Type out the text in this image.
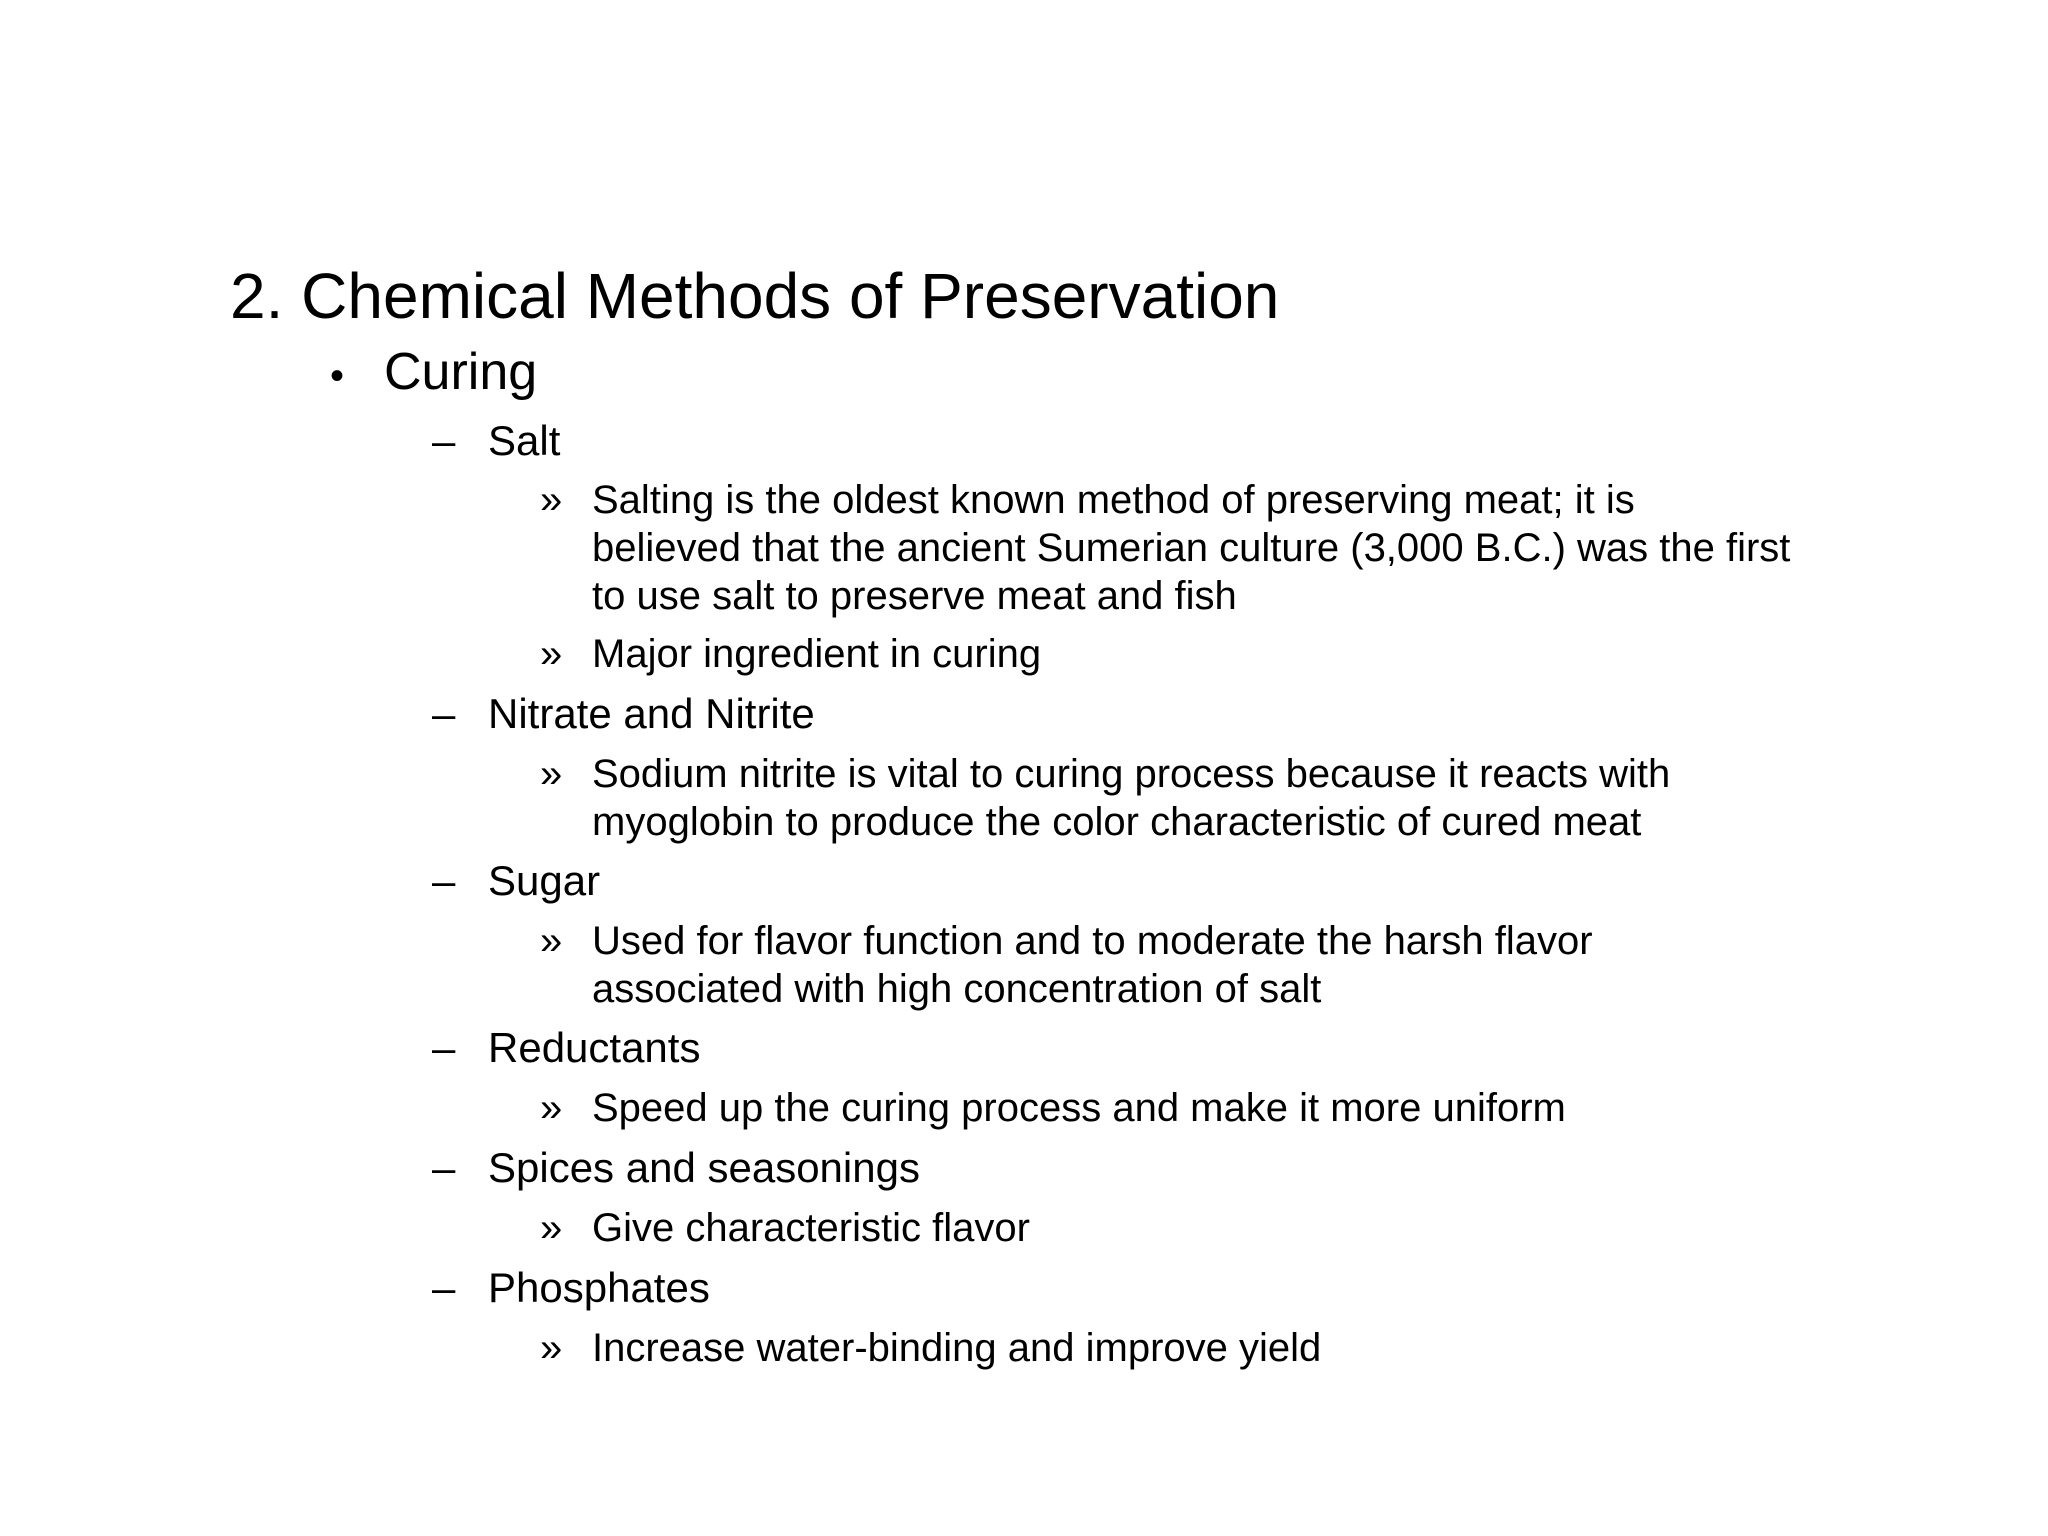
2. Chemical Methods of Preservation
• Curing
– Salt
» Salting is the oldest known method of preserving meat; it is
believed that the ancient Sumerian culture (3,000 B.C.) was the first
to use salt to preserve meat and fish
» Major ingredient in curing
– Nitrate and Nitrite
» Sodium nitrite is vital to curing process because it reacts with
myoglobin to produce the color characteristic of cured meat
– Sugar
» Used for flavor function and to moderate the harsh flavor
associated with high concentration of salt
– Reductants
» Speed up the curing process and make it more uniform
– Spices and seasonings
» Give characteristic flavor
– Phosphates
» Increase water-binding and improve yield
